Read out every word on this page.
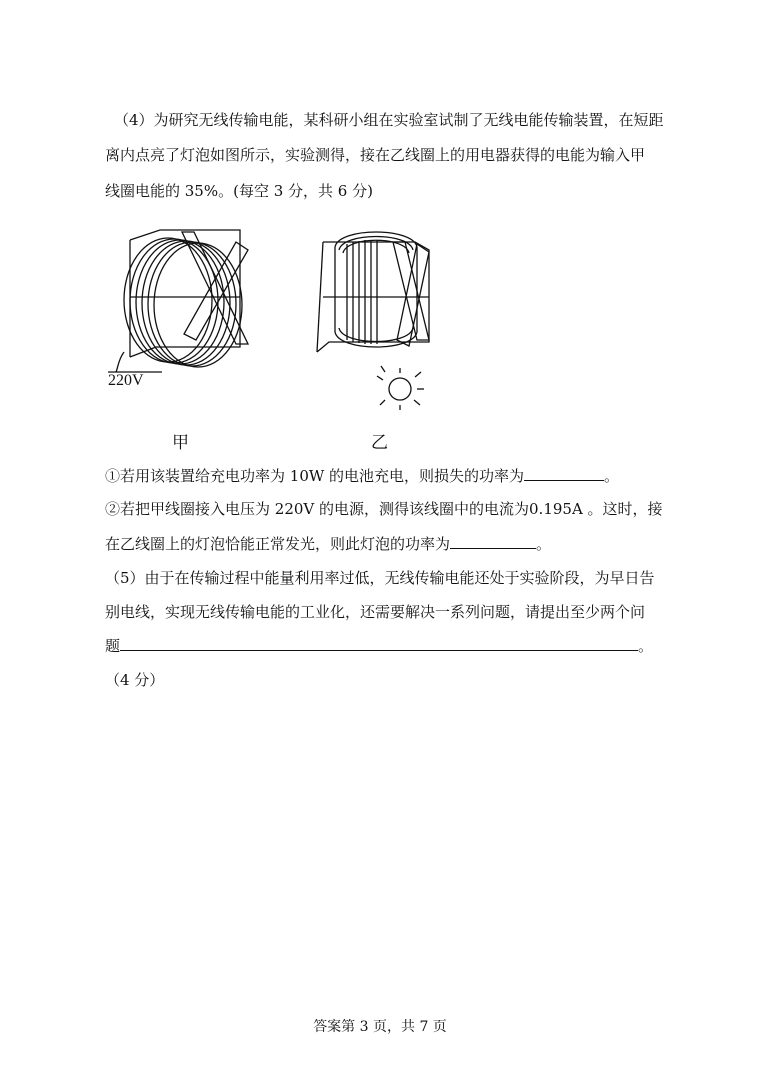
（4）为研究无线传输电能，某科研小组在实验室试制了无线电能传输装置，在短距
离内点亮了灯泡如图所示，实验测得，接在乙线圈上的用电器获得的电能为输入甲
线圈电能的 35%。(每空 3 分，共 6 分)
220V
甲	乙
①若用该装置给充电功率为 10W 的电池充电，则损失的功率为	。
②若把甲线圈接入电压为 220V 的电源，测得该线圈中的电流为0.195A 。这时，接
在乙线圈上的灯泡恰能正常发光，则此灯泡的功率为	。
（5）由于在传输过程中能量利用率过低，无线传输电能还处于实验阶段，为早日告
别电线，实现无线传输电能的工业化，还需要解决一系列问题，请提出至少两个问
题	。
（4 分）
答案第 3 页，共 7 页
